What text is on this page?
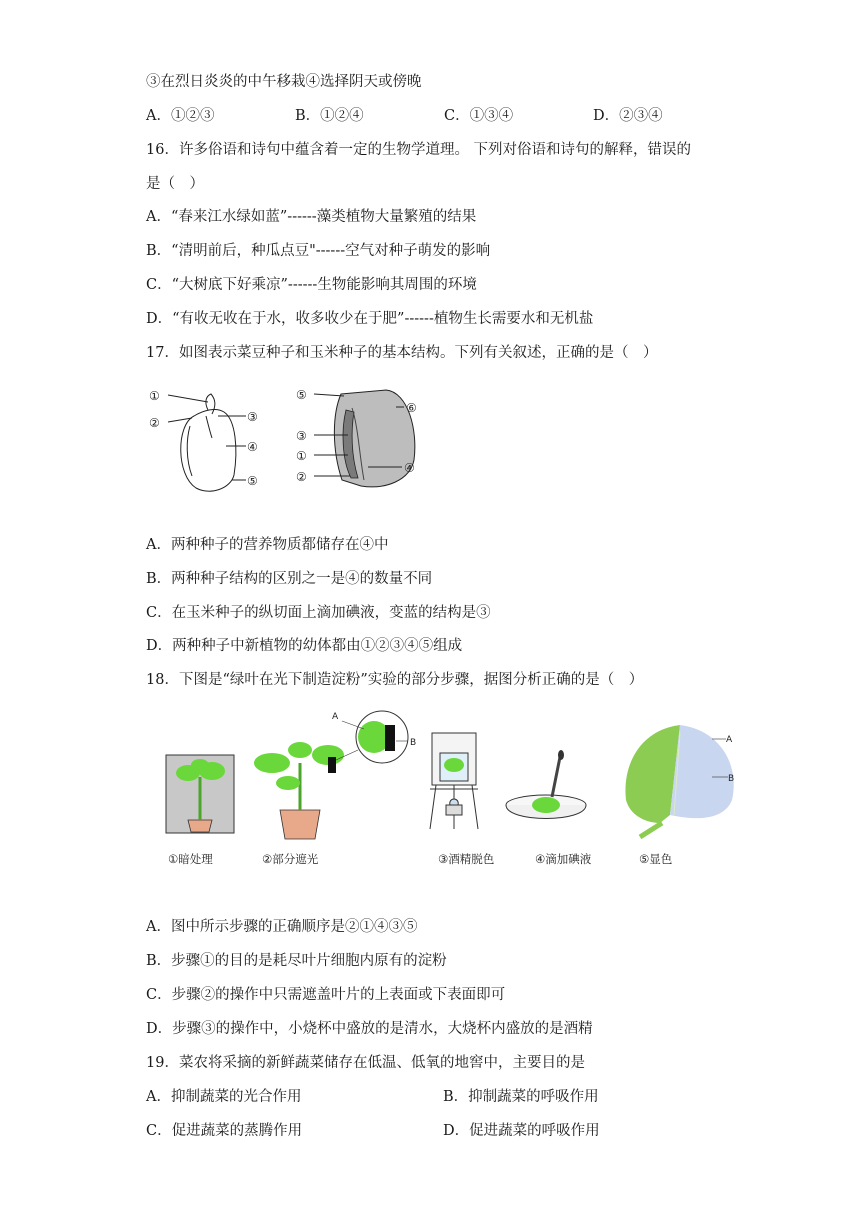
③在烈日炎炎的中午移栽④选择阴天或傍晚
A．①②③	B．①②④	C．①③④	D．②③④
16．许多俗语和诗句中蕴含着一定的生物学道理。 下列对俗语和诗句的解释，错误的
是（　）
A．“春来江水绿如蓝”------藻类植物大量繁殖的结果
B．“清明前后，种瓜点豆"------空气对种子萌发的影响
C．“大树底下好乘凉”------生物能影响其周围的环境
D．“有收无收在于水，收多收少在于肥”------植物生长需要水和无机盐
17．如图表示菜豆种子和玉米种子的基本结构。下列有关叙述，正确的是（　）
①
②	③
④
⑤
⑤
⑥
③
①
②
④
A．两种种子的营养物质都储存在④中
B．两种种子结构的区别之一是④的数量不同
C．在玉米种子的纵切面上滴加碘液，变蓝的结构是③
D．两种种子中新植物的幼体都由①②③④⑤组成
18．下图是“绿叶在光下制造淀粉”实验的部分步骤，据图分析正确的是（　）
A
B	A
B
①暗处理	②部分遮光	③酒精脱色	④滴加碘液	⑤显色
A．图中所示步骤的正确顺序是②①④③⑤
B．步骤①的目的是耗尽叶片细胞内原有的淀粉
C．步骤②的操作中只需遮盖叶片的上表面或下表面即可
D．步骤③的操作中，小烧杯中盛放的是清水，大烧杯内盛放的是酒精
19．菜农将采摘的新鲜蔬菜储存在低温、低氧的地窖中，主要目的是
A．抑制蔬菜的光合作用	B．抑制蔬菜的呼吸作用
C．促进蔬菜的蒸腾作用	D．促进蔬菜的呼吸作用
